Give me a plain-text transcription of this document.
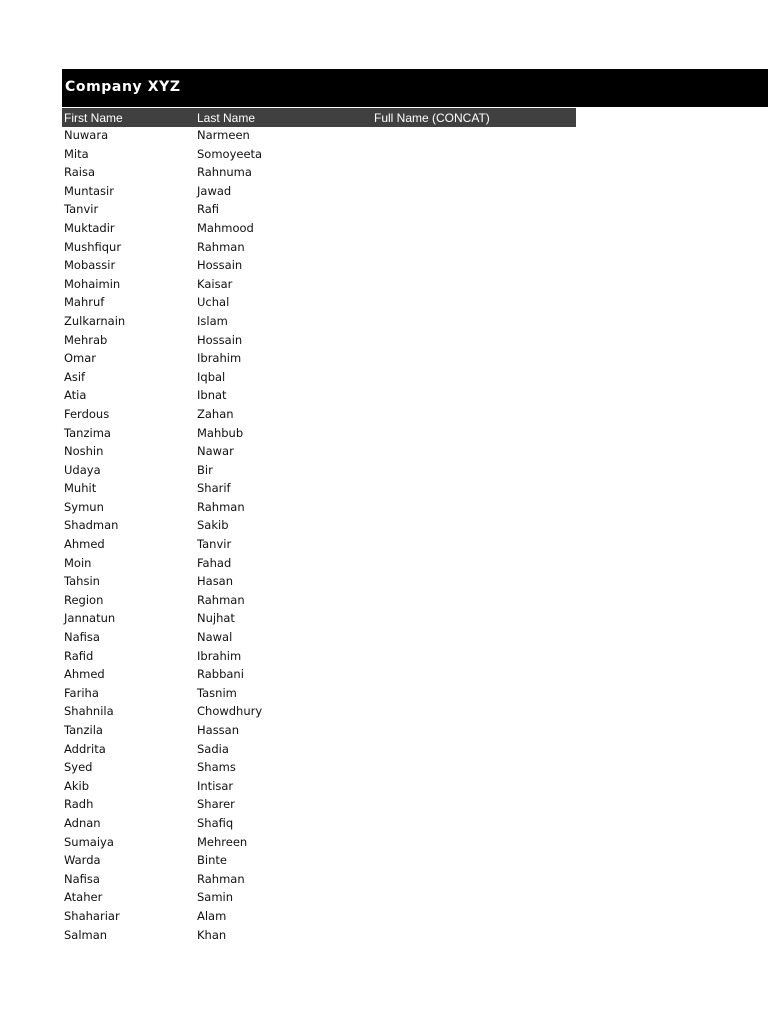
Company XYZ
First Name	Last Name	Full Name (CONCAT)
Nuwara	Narmeen
Mita	Somoyeeta
Raisa	Rahnuma
Muntasir	Jawad
Tanvir	Rafi
Muktadir	Mahmood
Mushfiqur	Rahman
Mobassir	Hossain
Mohaimin	Kaisar
Mahruf	Uchal
Zulkarnain	Islam
Mehrab	Hossain
Omar	Ibrahim
Asif	Iqbal
Atia	Ibnat
Ferdous	Zahan
Tanzima	Mahbub
Noshin	Nawar
Udaya	Bir
Muhit	Sharif
Symun	Rahman
Shadman	Sakib
Ahmed	Tanvir
Moin	Fahad
Tahsin	Hasan
Region	Rahman
Jannatun	Nujhat
Nafisa	Nawal
Rafid	Ibrahim
Ahmed	Rabbani
Fariha	Tasnim
Shahnila	Chowdhury
Tanzila	Hassan
Addrita	Sadia
Syed	Shams
Akib	Intisar
Radh	Sharer
Adnan	Shafiq
Sumaiya	Mehreen
Warda	Binte
Nafisa	Rahman
Ataher	Samin
Shahariar	Alam
Salman	Khan
